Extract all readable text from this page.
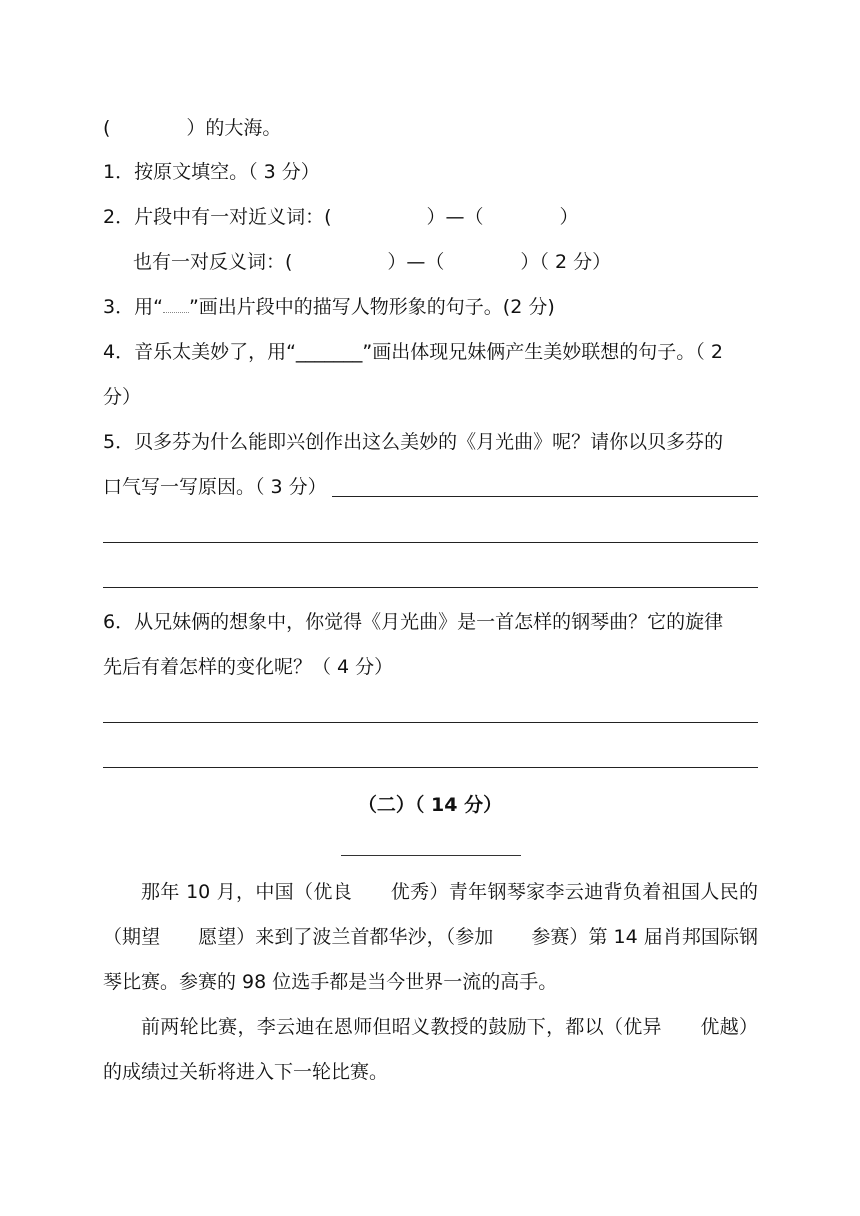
(　　　　）的大海。
1．按原文填空。（ 3 分）
2．片段中有一对近义词：(　　　　　）—（　　　　）
也有一对反义词：(　　　　　）—（　　　　）（ 2 分）
3．用“ ”画出片段中的描写人物形象的句子。(2 分)
4．音乐太美妙了，用“_______”画出体现兄妹俩产生美妙联想的句子。（ 2
分）
5．贝多芬为什么能即兴创作出这么美妙的《月光曲》呢？请你以贝多芬的
口气写一写原因。（ 3 分）
6．从兄妹俩的想象中，你觉得《月光曲》是一首怎样的钢琴曲？它的旋律
先后有着怎样的变化呢？（ 4 分）
（二）（ 14 分）
那年 10 月，中国（优良　　优秀）青年钢琴家李云迪背负着祖国人民的（期望　　愿望）来到了波兰首都华沙，（参加　　参赛）第 14 届肖邦国际钢琴比赛。参赛的 98 位选手都是当今世界一流的高手。
前两轮比赛，李云迪在恩师但昭义教授的鼓励下，都以（优异　　优越）的成绩过关斩将进入下一轮比赛。
